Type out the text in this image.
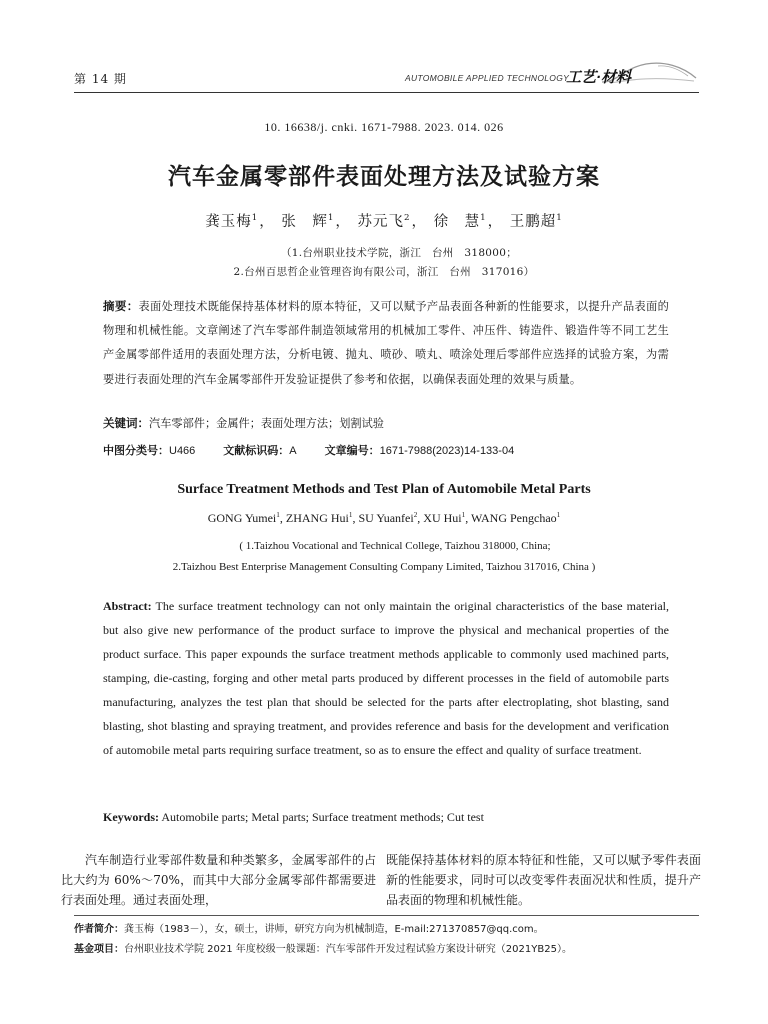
第 14 期	AUTOMOBILE APPLIED TECHNOLOGY
工艺·材料
10. 16638/j. cnki. 1671-7988. 2023. 014. 026
汽车金属零部件表面处理方法及试验方案
龚玉梅$^1$， 张　辉$^1$， 苏元飞$^2$， 徐　慧$^1$， 王鹏超$^1$
（1.台州职业技术学院，浙江　台州　318000；
2.台州百思哲企业管理咨询有限公司，浙江　台州　317016）
摘要：表面处理技术既能保持基体材料的原本特征，又可以赋予产品表面各种新的性能要求，以提升产品表面的物理和机械性能。文章阐述了汽车零部件制造领域常用的机械加工零件、冲压件、铸造件、锻造件等不同工艺生产金属零部件适用的表面处理方法，分析电镀、抛丸、喷砂、喷丸、喷涂处理后零部件应选择的试验方案，为需要进行表面处理的汽车金属零部件开发验证提供了参考和依据，以确保表面处理的效果与质量。
关键词：汽车零部件；金属件；表面处理方法；划割试验
中图分类号：U466	文献标识码：A	文章编号：1671-7988(2023)14-133-04
Surface Treatment Methods and Test Plan of Automobile Metal Parts
GONG Yumei$^1$, ZHANG Hui$^1$, SU Yuanfei$^2$, XU Hui$^1$, WANG Pengchao$^1$
( 1.Taizhou Vocational and Technical College, Taizhou 318000, China;
2.Taizhou Best Enterprise Management Consulting Company Limited, Taizhou 317016, China )
Abstract: The surface treatment technology can not only maintain the original characteristics of the base material, but also give new performance of the product surface to improve the physical and mechanical properties of the product surface. This paper expounds the surface treatment methods applicable to commonly used machined parts, stamping, die-casting, forging and other metal parts produced by different processes in the field of automobile parts manufacturing, analyzes the test plan that should be selected for the parts after electroplating, shot blasting, sand blasting, shot blasting and spraying treatment, and provides reference and basis for the development and verification of automobile metal parts requiring surface treatment, so as to ensure the effect and quality of surface treatment.
Keywords: Automobile parts; Metal parts; Surface treatment methods; Cut test
汽车制造行业零部件数量和种类繁多，金属零部件的占比大约为 60%～70%，而其中大部分金属零部件都需要进行表面处理。通过表面处理，
既能保持基体材料的原本特征和性能，又可以赋予零件表面新的性能要求，同时可以改变零件表面况状和性质，提升产品表面的物理和机械性能。
作者简介：龚玉梅（1983－），女，硕士，讲师，研究方向为机械制造，E-mail:271370857@qq.com。
基金项目：台州职业技术学院 2021 年度校级一般课题：汽车零部件开发过程试验方案设计研究（2021YB25）。
